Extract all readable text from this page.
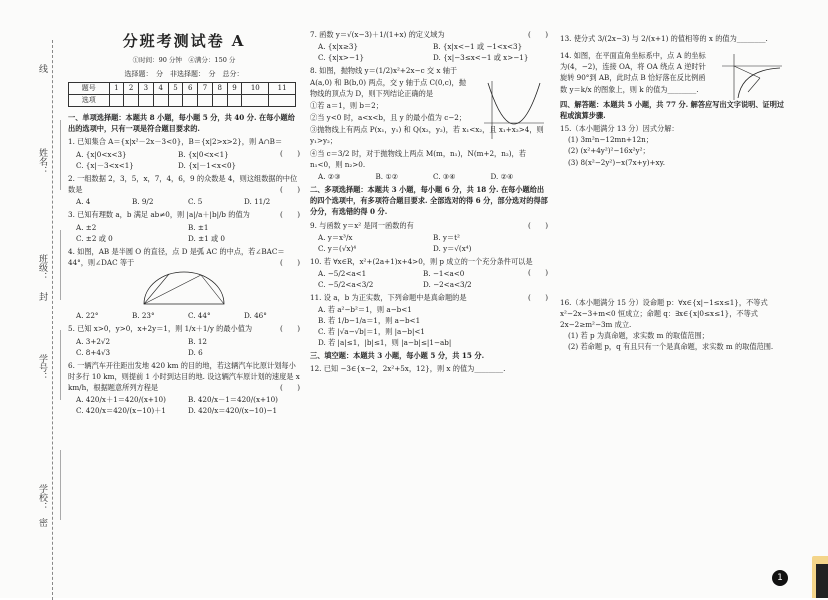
线
姓名：
班级：
封
学号：
学校：
密
分班考测试卷 A
①时间：90 分钟　④满分：150 分
选择题：　分　非选择题：　分　总分：
题号	1	2	3	4	5	6	7	8	9	10	11
选项											
一、单项选择题：本题共 8 小题，每小题 5 分，共 40 分. 在每小题给出的选项中，只有一项是符合题目要求的.
1. 已知集合 A＝{x|x²－2x－3<0}，B＝{x|2>x>2}，则 A∩B＝
(　　)
A. {x|0<x<3}	B. {x|0<x<1}
C. {x|－3<x<1}	D. {x|－1<x<0}
2. 一组数据 2，3，5，x，7，4，6，9 的众数是 4，则这组数据的中位数是	(　　)
A. 4	B. 9/2	C. 5	D. 11/2
3. 已知有理数 a，b 满足 ab≠0，则 |a|/a＋|b|/b 的值为	(　　)
A. ±2	B. ±1
C. ±2 或 0	D. ±1 或 0
4. 如图，AB 是半圆 O 的直径，点 D 是弧 AC 的中点，若∠BAC＝44°，则∠DAC 等于	(　　)
A. 22°	B. 23°	C. 44°	D. 46°
5. 已知 x>0，y>0，x+2y＝1，则 1/x＋1/y 的最小值为	(　　)
A. 3+2√2	B. 12
C. 8+4√3	D. 6
6. 一辆汽车开往距出发地 420 km 的目的地，若这辆汽车比原计划每小时多行 10 km，则提前 1 小时到达目的地. 设这辆汽车原计划的速度是 x km/h，根据题意所列方程是	(　　)
A. 420/x＋1＝420/(x+10)	B. 420/x－1＝420/(x+10)
C. 420/x＝420/(x−10)＋1	D. 420/x＝420/(x−10)−1
7. 函数 y＝√(x−3)＋1/(1+x) 的定义域为	(　　)
A. {x|x≥3}	B. {x|x<−1 或 −1<x<3}
C. {x|x>−1}	D. {x|−3≤x<−1 或 x>−1}
8. 如图，抛物线 y＝(1/2)x²+2x−c 交 x 轴于 A(a,0) 和 B(b,0) 两点，交 y 轴于点 C(0,c)，抛物线的顶点为 D，则下列结论正确的是
①若 a＝1，则 b＝2；
②当 y<0 时，a<x<b，且 y 的最小值为 c−2；
③抛物线上有两点 P(x₁，y₁) 和 Q(x₂，y₂)，若 x₁<x₂，且 x₁+x₂>4，则 y₁>y₂；
④当 c＝3/2 时，对于抛物线上两点 M(m，n₁)，N(m+2，n₂)，若 n₁<0，则 n₂>0.
A. ②③	B. ①②	C. ③④	D. ②④
二、多项选择题：本题共 3 小题，每小题 6 分，共 18 分. 在每小题给出的四个选项中，有多项符合题目要求. 全部选对的得 6 分，部分选对的得部分分，有选错的得 0 分.
9. 与函数 y＝x² 是同一函数的有	(　　)
A. y＝x³/x	B. y＝t²
C. y＝(√x)⁴	D. y＝√(x⁴)
10. 若 ∀x∈R，x²+(2a+1)x+4>0，则 p 成立的一个充分条件可以是
(　　)
A. −5/2<a<1	B. −1<a<0
C. −5/2<a<3/2	D. −2<a<3/2
11. 设 a，b 为正实数，下列命题中是真命题的是	(　　)
A. 若 a²−b²＝1，则 a−b<1
B. 若 1/b−1/a＝1，则 a−b<1
C. 若 |√a−√b|＝1，则 |a−b|<1
D. 若 |a|≤1，|b|≤1，则 |a−b|≤|1−ab|
三、填空题：本题共 3 小题，每小题 5 分，共 15 分.
12. 已知 −3∈{x−2，2x²+5x，12}，则 x 的值为________.
13. 使分式 3/(2x−3) 与 2/(x+1) 的值相等的 x 的值为________.
14. 如图，在平面直角坐标系中，点 A 的坐标为(4，−2)，连接 OA，将 OA 绕点 A 逆时针旋转 90°到 AB，此时点 B 恰好落在反比例函数 y＝k/x 的图象上，则 k 的值为________.
四、解答题：本题共 5 小题，共 77 分. 解答应写出文字说明、证明过程或演算步骤.
15.（本小题满分 13 分）因式分解：
(1) 3m²n−12mn+12n；
(2) (x²+4y²)²−16x²y²；
(3) 8(x²−2y²)−x(7x+y)+xy.
16.（本小题满分 15 分）设命题 p：∀x∈{x|−1≤x≤1}，不等式 x²−2x−3+m<0 恒成立；命题 q：∃x∈{x|0≤x≤1}，不等式 2x−2≥m²−3m 成立.
(1) 若 p 为真命题，求实数 m 的取值范围；
(2) 若命题 p，q 有且只有一个是真命题，求实数 m 的取值范围.
1
